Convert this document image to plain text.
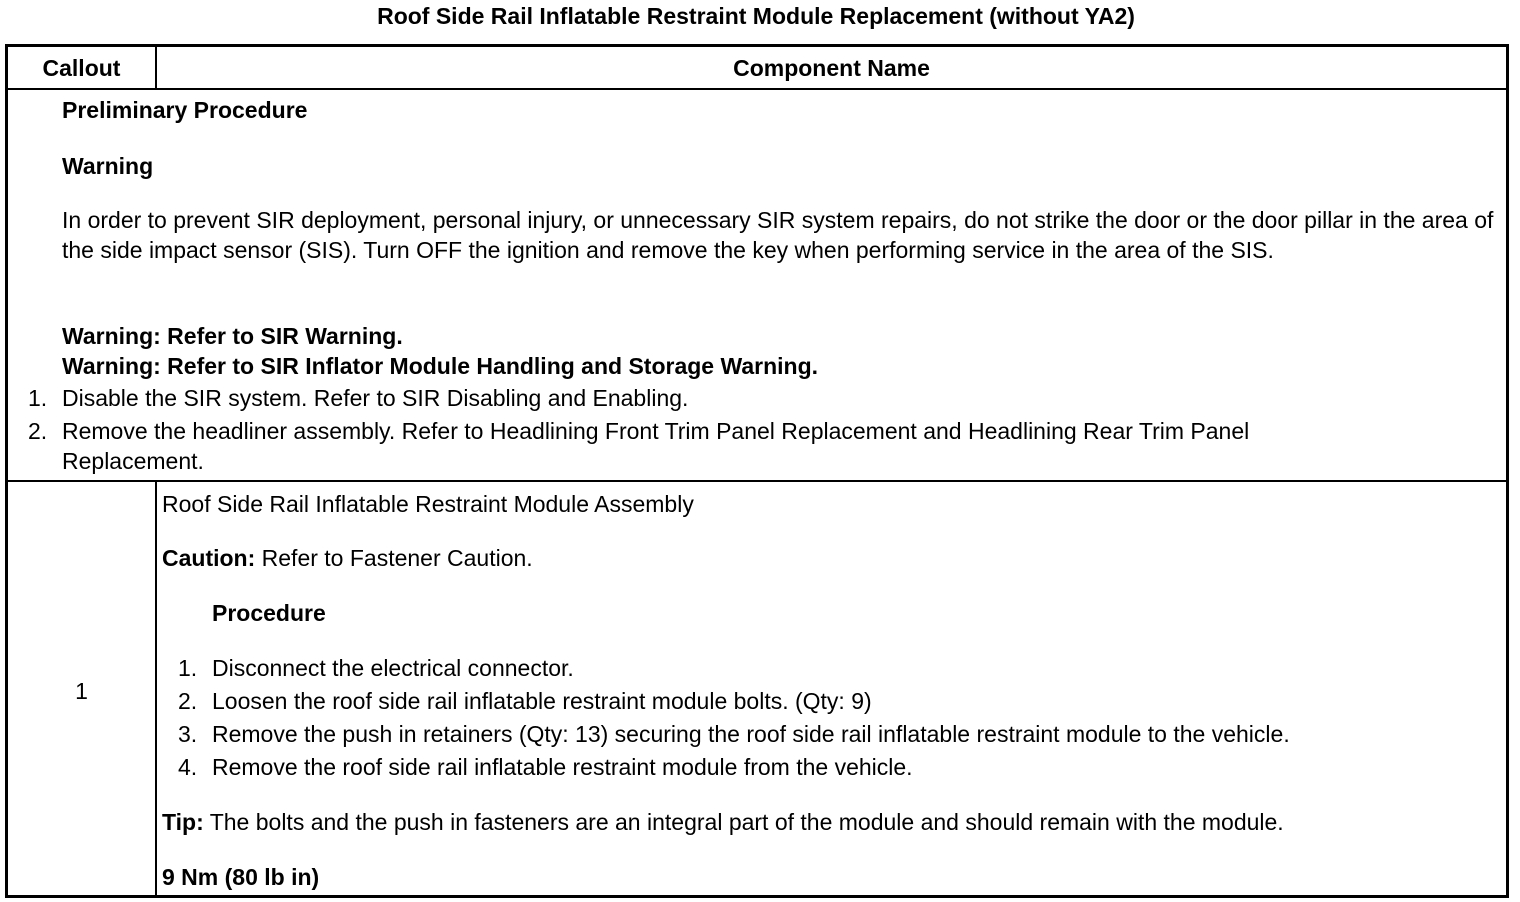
Roof Side Rail Inflatable Restraint Module Replacement (without YA2)
Callout	Component Name
Preliminary Procedure
Warning
In order to prevent SIR deployment, personal injury, or unnecessary SIR system repairs, do not strike the door or the door pillar in the area of the side impact sensor (SIS). Turn OFF the ignition and remove the key when performing service in the area of the SIS.
Warning: Refer to SIR Warning.
Warning: Refer to SIR Inflator Module Handling and Storage Warning.
1. Disable the SIR system. Refer to SIR Disabling and Enabling.
2. Remove the headliner assembly. Refer to Headlining Front Trim Panel Replacement and Headlining Rear Trim Panel Replacement.
1
Roof Side Rail Inflatable Restraint Module Assembly
Caution: Refer to Fastener Caution.
Procedure
1. Disconnect the electrical connector.
2. Loosen the roof side rail inflatable restraint module bolts. (Qty: 9)
3. Remove the push in retainers (Qty: 13) securing the roof side rail inflatable restraint module to the vehicle.
4. Remove the roof side rail inflatable restraint module from the vehicle.
Tip: The bolts and the push in fasteners are an integral part of the module and should remain with the module.
9 Nm (80 lb in)
